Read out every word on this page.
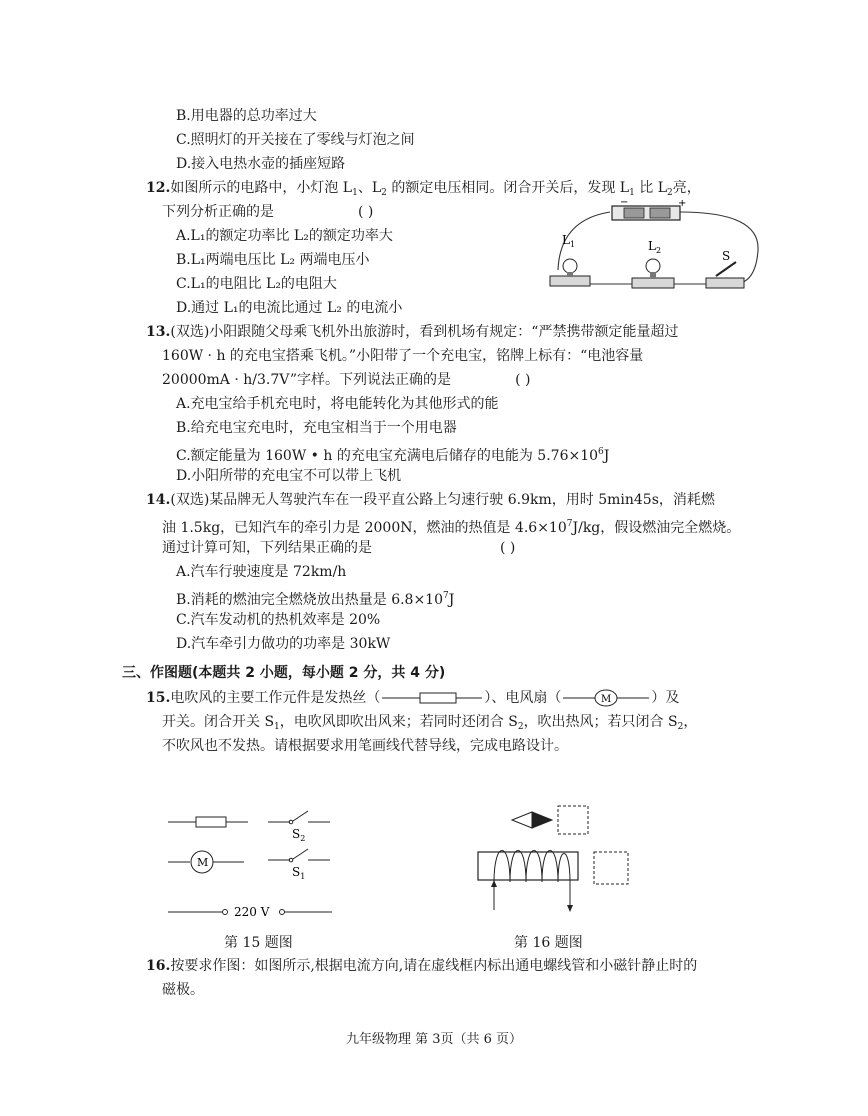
B.用电器的总功率过大
C.照明灯的开关接在了零线与灯泡之间
D.接入电热水壶的插座短路
12.如图所示的电路中，小灯泡 $L_1$、$L_2$ 的额定电压相同。闭合开关后，发现 $L_1$ 比 $L_2$亮，
下列分析正确的是	( )
A.L₁的额定功率比 L₂的额定功率大
B.L₁两端电压比 L₂ 两端电压小
C.L₁的电阻比 L₂的电阻大
D.通过 L₁的电流比通过 L₂ 的电流小
−	+
$L_1$	$L_2$	S
13.(双选)小阳跟随父母乘飞机外出旅游时，看到机场有规定：“严禁携带额定能量超过
160W · h 的充电宝搭乘飞机。”小阳带了一个充电宝，铭牌上标有：“电池容量
20000mA · h/3.7V”字样。下列说法正确的是	( )
A.充电宝给手机充电时，将电能转化为其他形式的能
B.给充电宝充电时，充电宝相当于一个用电器
C.额定能量为 160W • h 的充电宝充满电后储存的电能为 $5.76\times 10^6J$
D.小阳所带的充电宝不可以带上飞机
14.(双选)某品牌无人驾驶汽车在一段平直公路上匀速行驶 6.9km，用时 5min45s，消耗燃
油 1.5kg，已知汽车的牵引力是 2000N，燃油的热值是 $4.6\times 10^7J/kg$，假设燃油完全燃烧。
通过计算可知，下列结果正确的是	( )
A.汽车行驶速度是 72km/h
B.消耗的燃油完全燃烧放出热量是 $6.8\times 10^7J$
C.汽车发动机的热机效率是 20%
D.汽车牵引力做功的功率是 30kW
三、作图题(本题共 2 小题，每小题 2 分，共 4 分)
15.电吹风的主要工作元件是发热丝（	）、电风扇（	M	）及
开关。闭合开关 $S_1$，电吹风即吹出风来；若同时还闭合 $S_2$，吹出热风；若只闭合 $S_2$，
不吹风也不发热。请根据要求用笔画线代替导线，完成电路设计。
$S_2$
M
$S_1$
220 V
第 15 题图	第 16 题图
16.按要求作图：如图所示,根据电流方向,请在虚线框内标出通电螺线管和小磁针静止时的
磁极。
九年级物理 第 3页（共 6 页）
